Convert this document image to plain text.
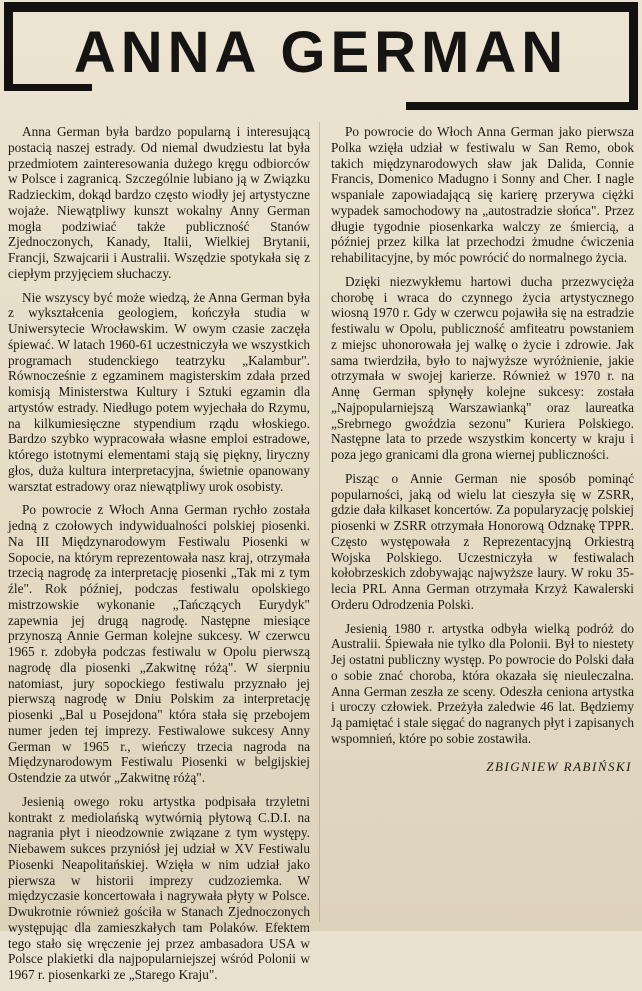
ANNA GERMAN

Anna German była bardzo popularną i interesującą postacią naszej estrady. Od niemal dwudziestu lat była przedmiotem zainteresowania dużego kręgu odbiorców w Polsce i zagranicą. Szczególnie lubiano ją w Związku Radzieckim, dokąd bardzo często wiodły jej artystyczne wojaże. Niewątpliwy kunszt wokalny Anny German mogła podziwiać także publiczność Stanów Zjednoczonych, Kanady, Italii, Wielkiej Brytanii, Francji, Szwajcarii i Australii. Wszędzie spotykała się z ciepłym przyjęciem słuchaczy.

Nie wszyscy być może wiedzą, że Anna German była z wykształcenia geologiem, kończyła studia w Uniwersytecie Wrocławskim. W owym czasie zaczęła śpiewać. W latach 1960-61 uczestniczyła we wszystkich programach studenckiego teatrzyku „Kalambur". Równocześnie z egzaminem magisterskim zdała przed komisją Ministerstwa Kultury i Sztuki egzamin dla artystów estrady. Niedługo potem wyjechała do Rzymu, na kilkumiesięczne stypendium rządu włoskiego. Bardzo szybko wypracowała własne emploi estradowe, którego istotnymi elementami stają się piękny, liryczny głos, duża kultura interpretacyjna, świetnie opanowany warsztat estradowy oraz niewątpliwy urok osobisty.

Po powrocie z Włoch Anna German rychło została jedną z czołowych indywidualności polskiej piosenki. Na III Międzynarodowym Festiwalu Piosenki w Sopocie, na którym reprezentowała nasz kraj, otrzymała trzecią nagrodę za interpretację piosenki „Tak mi z tym źle". Rok później, podczas festiwalu opolskiego mistrzowskie wykonanie „Tańczących Eurydyk" zapewnia jej drugą nagrodę. Następne miesiące przynoszą Annie German kolejne sukcesy. W czerwcu 1965 r. zdobyła podczas festiwalu w Opolu pierwszą nagrodę dla piosenki „Zakwitnę różą". W sierpniu natomiast, jury sopockiego festiwalu przyznało jej pierwszą nagrodę w Dniu Polskim za interpretację piosenki „Bal u Posejdona" która stała się przebojem numer jeden tej imprezy. Festiwalowe sukcesy Anny German w 1965 r., wieńczy trzecia nagroda na Międzynarodowym Festiwalu Piosenki w belgijskiej Ostendzie za utwór „Zakwitnę różą".

Jesienią owego roku artystka podpisała trzyletni kontrakt z mediolańską wytwórnią płytową C.D.I. na nagrania płyt i nieodzownie związane z tym występy. Niebawem sukces przyniósł jej udział w XV Festiwalu Piosenki Neapolitańskiej. Wzięła w nim udział jako pierwsza w historii imprezy cudzoziemka. W międzyczasie koncertowała i nagrywała płyty w Polsce. Dwukrotnie również gościła w Stanach Zjednoczonych występując dla zamieszkałych tam Polaków. Efektem tego stało się wręczenie jej przez ambasadora USA w Polsce plakietki dla najpopularniejszej wśród Polonii w 1967 r. piosenkarki ze „Starego Kraju".

Po powrocie do Włoch Anna German jako pierwsza Polka wzięła udział w festiwalu w San Remo, obok takich międzynarodowych sław jak Dalida, Connie Francis, Domenico Madugno i Sonny and Cher. I nagle wspaniale zapowiadającą się karierę przerywa ciężki wypadek samochodowy na „autostradzie słońca". Przez długie tygodnie piosenkarka walczy ze śmiercią, a później przez kilka lat przechodzi żmudne ćwiczenia rehabilitacyjne, by móc powrócić do normalnego życia.

Dzięki niezwykłemu hartowi ducha przezwycięża chorobę i wraca do czynnego życia artystycznego wiosną 1970 r. Gdy w czerwcu pojawiła się na estradzie festiwalu w Opolu, publiczność amfiteatru powstaniem z miejsc uhonorowała jej walkę o życie i zdrowie. Jak sama twierdziła, było to najwyższe wyróżnienie, jakie otrzymała w swojej karierze. Również w 1970 r. na Annę German spłynęły kolejne sukcesy: została „Najpopularniejszą Warszawianką" oraz laureatka „Srebrnego gwoździa sezonu" Kuriera Polskiego. Następne lata to przede wszystkim koncerty w kraju i poza jego granicami dla grona wiernej publiczności.

Pisząc o Annie German nie sposób pominąć popularności, jaką od wielu lat cieszyła się w ZSRR, gdzie dała kilkaset koncertów. Za popularyzację polskiej piosenki w ZSRR otrzymała Honorową Odznakę TPPR. Często występowała z Reprezentacyjną Orkiestrą Wojska Polskiego. Uczestniczyła w festiwalach kołobrzeskich zdobywając najwyższe laury. W roku 35-lecia PRL Anna German otrzymała Krzyż Kawalerski Orderu Odrodzenia Polski.

Jesienią 1980 r. artystka odbyła wielką podróż do Australii. Śpiewała nie tylko dla Polonii. Był to niestety Jej ostatni publiczny występ. Po powrocie do Polski dała o sobie znać choroba, która okazała się nieuleczalna. Anna German zeszła ze sceny. Odeszła ceniona artystka i uroczy człowiek. Przeżyła zaledwie 46 lat. Będziemy Ją pamiętać i stale sięgać do nagranych płyt i zapisanych wspomnień, które po sobie zostawiła.

ZBIGNIEW RABIŃSKI
